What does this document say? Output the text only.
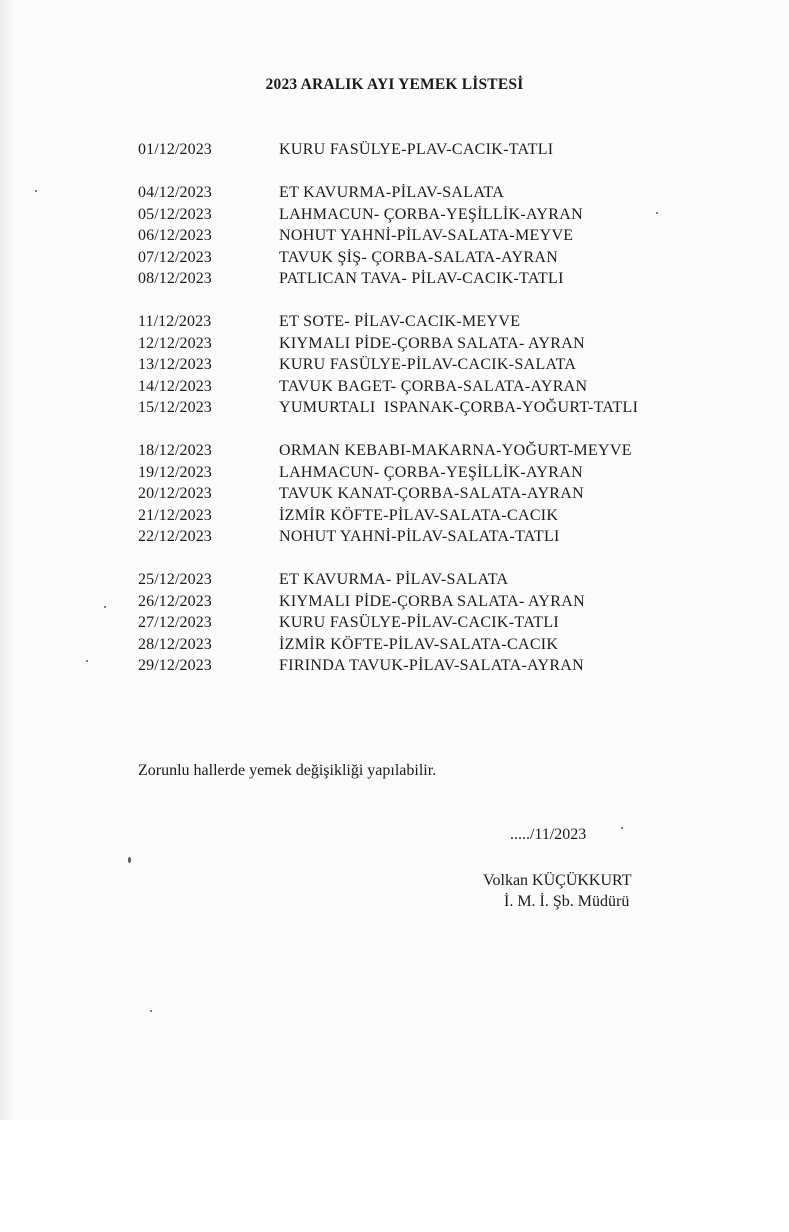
2023 ARALIK AYI YEMEK LİSTESİ
01/12/2023	KURU FASÜLYE-PLAV-CACIK-TATLI
04/12/2023	ET KAVURMA-PİLAV-SALATA
05/12/2023	LAHMACUN- ÇORBA-YEŞİLLİK-AYRAN
06/12/2023	NOHUT YAHNİ-PİLAV-SALATA-MEYVE
07/12/2023	TAVUK ŞİŞ- ÇORBA-SALATA-AYRAN
08/12/2023	PATLICAN TAVA- PİLAV-CACIK-TATLI
11/12/2023	ET SOTE- PİLAV-CACIK-MEYVE
12/12/2023	KIYMALI PİDE-ÇORBA SALATA- AYRAN
13/12/2023	KURU FASÜLYE-PİLAV-CACIK-SALATA
14/12/2023	TAVUK BAGET- ÇORBA-SALATA-AYRAN
15/12/2023	YUMURTALI  ISPANAK-ÇORBA-YOĞURT-TATLI
18/12/2023	ORMAN KEBABI-MAKARNA-YOĞURT-MEYVE
19/12/2023	LAHMACUN- ÇORBA-YEŞİLLİK-AYRAN
20/12/2023	TAVUK KANAT-ÇORBA-SALATA-AYRAN
21/12/2023	İZMİR KÖFTE-PİLAV-SALATA-CACIK
22/12/2023	NOHUT YAHNİ-PİLAV-SALATA-TATLI
25/12/2023	ET KAVURMA- PİLAV-SALATA
26/12/2023	KIYMALI PİDE-ÇORBA SALATA- AYRAN
27/12/2023	KURU FASÜLYE-PİLAV-CACIK-TATLI
28/12/2023	İZMİR KÖFTE-PİLAV-SALATA-CACIK
29/12/2023	FIRINDA TAVUK-PİLAV-SALATA-AYRAN
Zorunlu hallerde yemek değişikliği yapılabilir.
...../11/2023
Volkan KÜÇÜKKURT
İ. M. İ. Şb. Müdürü
